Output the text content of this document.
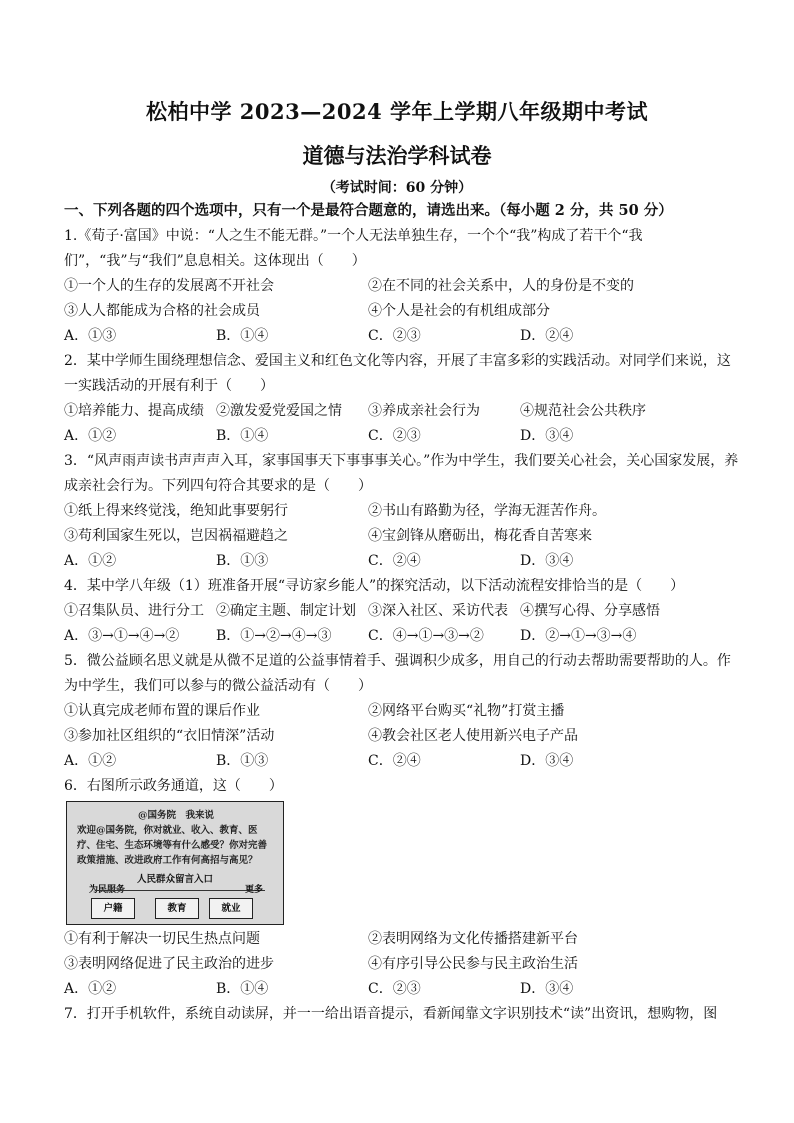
松柏中学 2023—2024 学年上学期八年级期中考试
道德与法治学科试卷
（考试时间：60 分钟）
一、下列各题的四个选项中，只有一个是最符合题意的，请选出来。（每小题 2 分，共 50 分）

1.《荀子·富国》中说：“人之生不能无群。”一个人无法单独生存，一个个“我”构成了若干个“我们”，“我”与“我们”息息相关。这体现出（　　）

①一个人的生存的发展离不开社会	②在不同的社会关系中，人的身份是不变的
③人人都能成为合格的社会成员	④个人是社会的有机组成部分
A．①③	B．①④	C．②③	D．②④

2．某中学师生围绕理想信念、爱国主义和红色文化等内容，开展了丰富多彩的实践活动。对同学们来说，这一实践活动的开展有利于（　　）

①培养能力、提高成绩 ②激发爱党爱国之情	③养成亲社会行为	④规范社会公共秩序
A．①②	B．①④	C．②③	D．③④

3．“风声雨声读书声声声入耳，家事国事天下事事事关心。”作为中学生，我们要关心社会，关心国家发展，养成亲社会行为。下列四句符合其要求的是（　　）

①纸上得来终觉浅，绝知此事要躬行	②书山有路勤为径，学海无涯苦作舟。
③苟利国家生死以，岂因祸福避趋之	④宝剑锋从磨砺出，梅花香自苦寒来
A．①②	B．①③	C．②④	D．③④

4．某中学八年级（1）班准备开展“寻访家乡能人”的探究活动，以下活动流程安排恰当的是（　　）

①召集队员、进行分工 ②确定主题、制定计划 ③深入社区、采访代表 ④撰写心得、分享感悟
A．③→①→④→②	B．①→②→④→③	C．④→①→③→②	D．②→①→③→④

5．微公益顾名思义就是从微不足道的公益事情着手、强调积少成多，用自己的行动去帮助需要帮助的人。作为中学生，我们可以参与的微公益活动有（　　）

①认真完成老师布置的课后作业	②网络平台购买“礼物”打赏主播
③参加社区组织的“衣旧情深”活动	④教会社区老人使用新兴电子产品
A．①②	B．①③	C．②④	D．③④

6．右图所示政务通道，这（　　）

@国务院　我来说
欢迎@国务院，你对就业、收入、教育、医疗、住宅、生态环境等有什么感受？你对完善政策措施、改进政府工作有何高招与高见？
人民群众留言入口
为民服务	更多
户籍	教育	就业
①有利于解决一切民生热点问题	②表明网络为文化传播搭建新平台
③表明网络促进了民主政治的进步	④有序引导公民参与民主政治生活
A．①②	B．①④	C．②③	D．③④

7．打开手机软件，系统自动读屏，并一一给出语音提示，看新闻靠文字识别技术“读”出资讯，想购物，图
